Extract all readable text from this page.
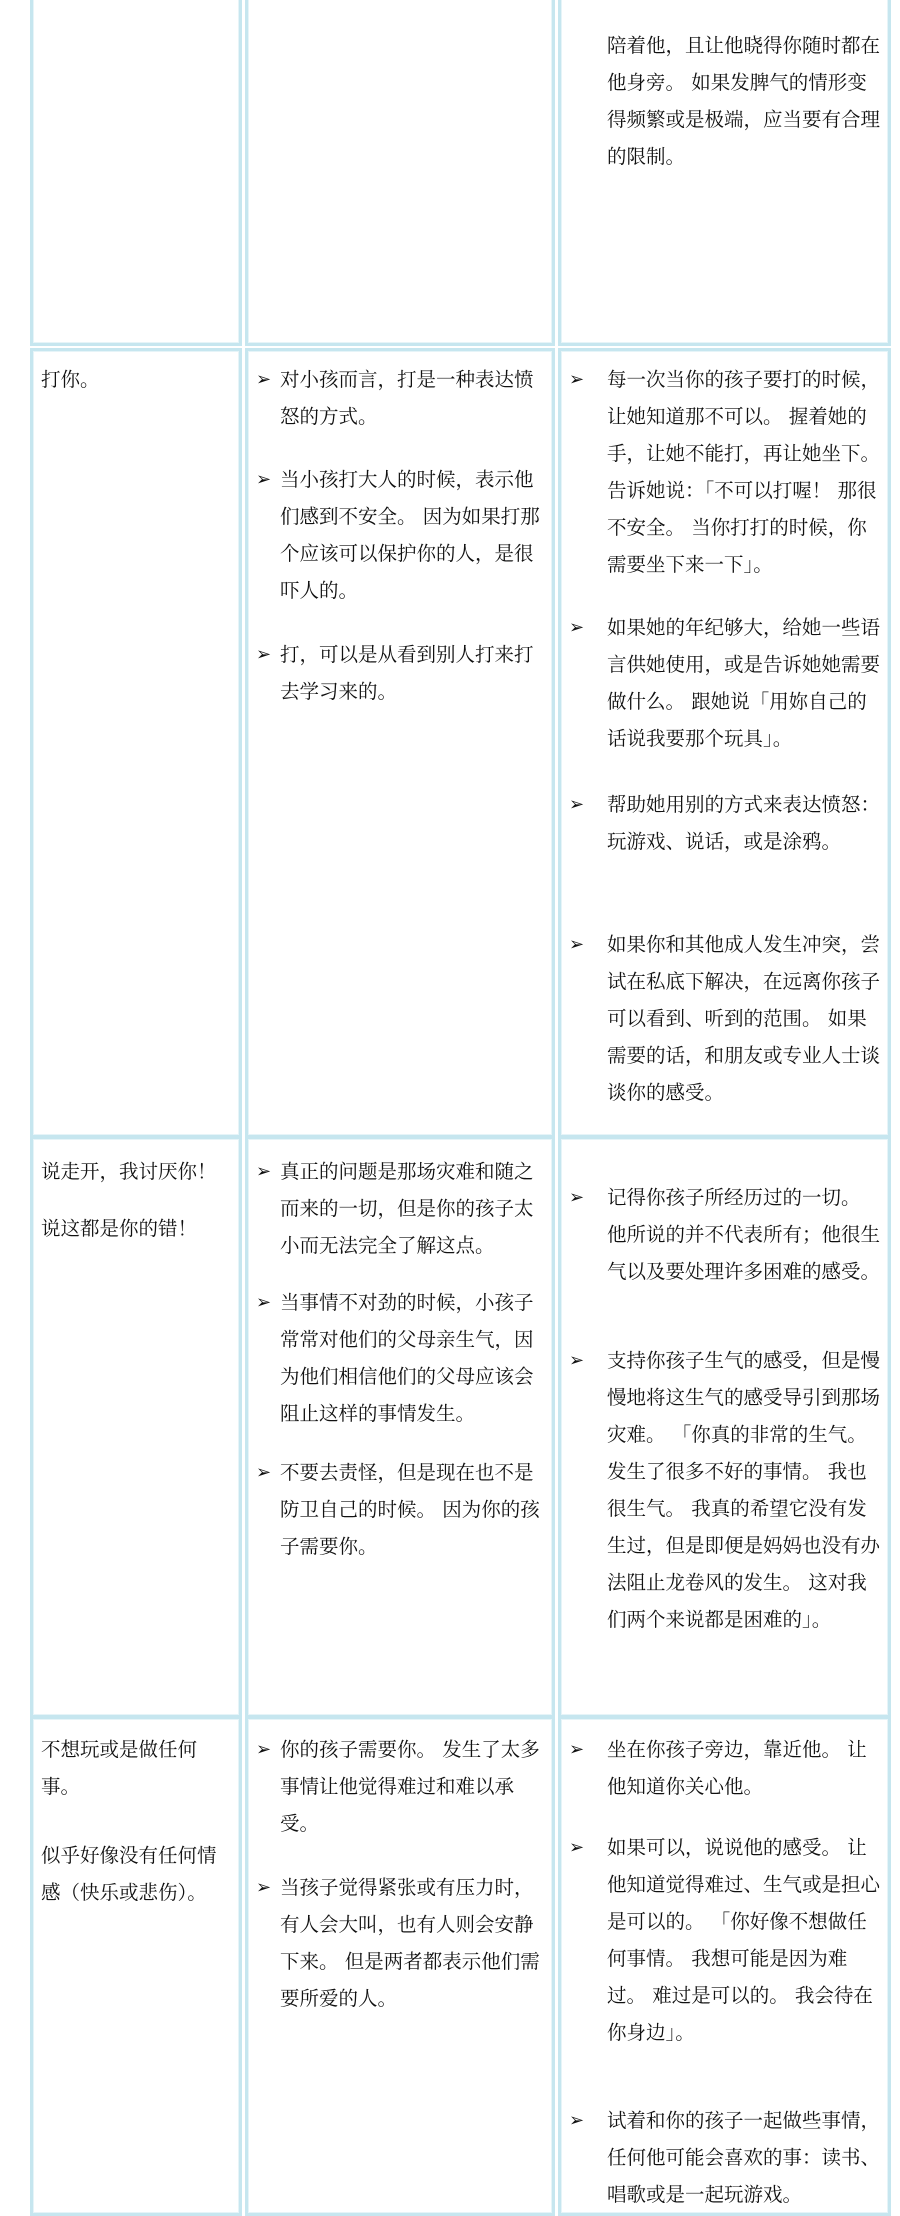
陪着他，且让他晓得你随时都在他身旁。 如果发脾气的情形变得频繁或是极端，应当要有合理的限制。
打你。	➢ 对小孩而言，打是一种表达愤怒的方式。
➢ 当小孩打大人的时候，表示他们感到不安全。 因为如果打那个应该可以保护你的人，是很吓人的。
➢ 打，可以是从看到别人打来打去学习来的。
➢ 每一次当你的孩子要打的时候，让她知道那不可以。 握着她的手，让她不能打，再让她坐下。 告诉她说：「不可以打喔！ 那很不安全。 当你打打的时候，你需要坐下来一下」。
➢ 如果她的年纪够大，给她一些语言供她使用，或是告诉她她需要做什么。 跟她说「用妳自己的话说我要那个玩具」。
➢ 帮助她用别的方式来表达愤怒：玩游戏、说话，或是涂鸦。
➢ 如果你和其他成人发生冲突，尝试在私底下解决，在远离你孩子可以看到、听到的范围。 如果需要的话，和朋友或专业人士谈谈你的感受。
说走开，我讨厌你！
说这都是你的错！
➢ 真正的问题是那场灾难和随之而来的一切，但是你的孩子太小而无法完全了解这点。
➢ 当事情不对劲的时候，小孩子常常对他们的父母亲生气，因为他们相信他们的父母应该会阻止这样的事情发生。
➢ 不要去责怪，但是现在也不是防卫自己的时候。 因为你的孩子需要你。
➢ 记得你孩子所经历过的一切。 他所说的并不代表所有；他很生气以及要处理许多困难的感受。
➢ 支持你孩子生气的感受，但是慢慢地将这生气的感受导引到那场灾难。 「你真的非常的生气。 发生了很多不好的事情。 我也很生气。 我真的希望它没有发生过，但是即便是妈妈也没有办法阻止龙卷风的发生。 这对我们两个来说都是困难的」。
不想玩或是做任何事。
似乎好像没有任何情感（快乐或悲伤）。
➢ 你的孩子需要你。 发生了太多事情让他觉得难过和难以承受。
➢ 当孩子觉得紧张或有压力时，有人会大叫，也有人则会安静下来。 但是两者都表示他们需要所爱的人。
➢ 坐在你孩子旁边，靠近他。 让他知道你关心他。
➢ 如果可以，说说他的感受。 让他知道觉得难过、生气或是担心是可以的。 「你好像不想做任何事情。 我想可能是因为难过。 难过是可以的。 我会待在你身边」。
➢ 试着和你的孩子一起做些事情，任何他可能会喜欢的事：读书、唱歌或是一起玩游戏。
